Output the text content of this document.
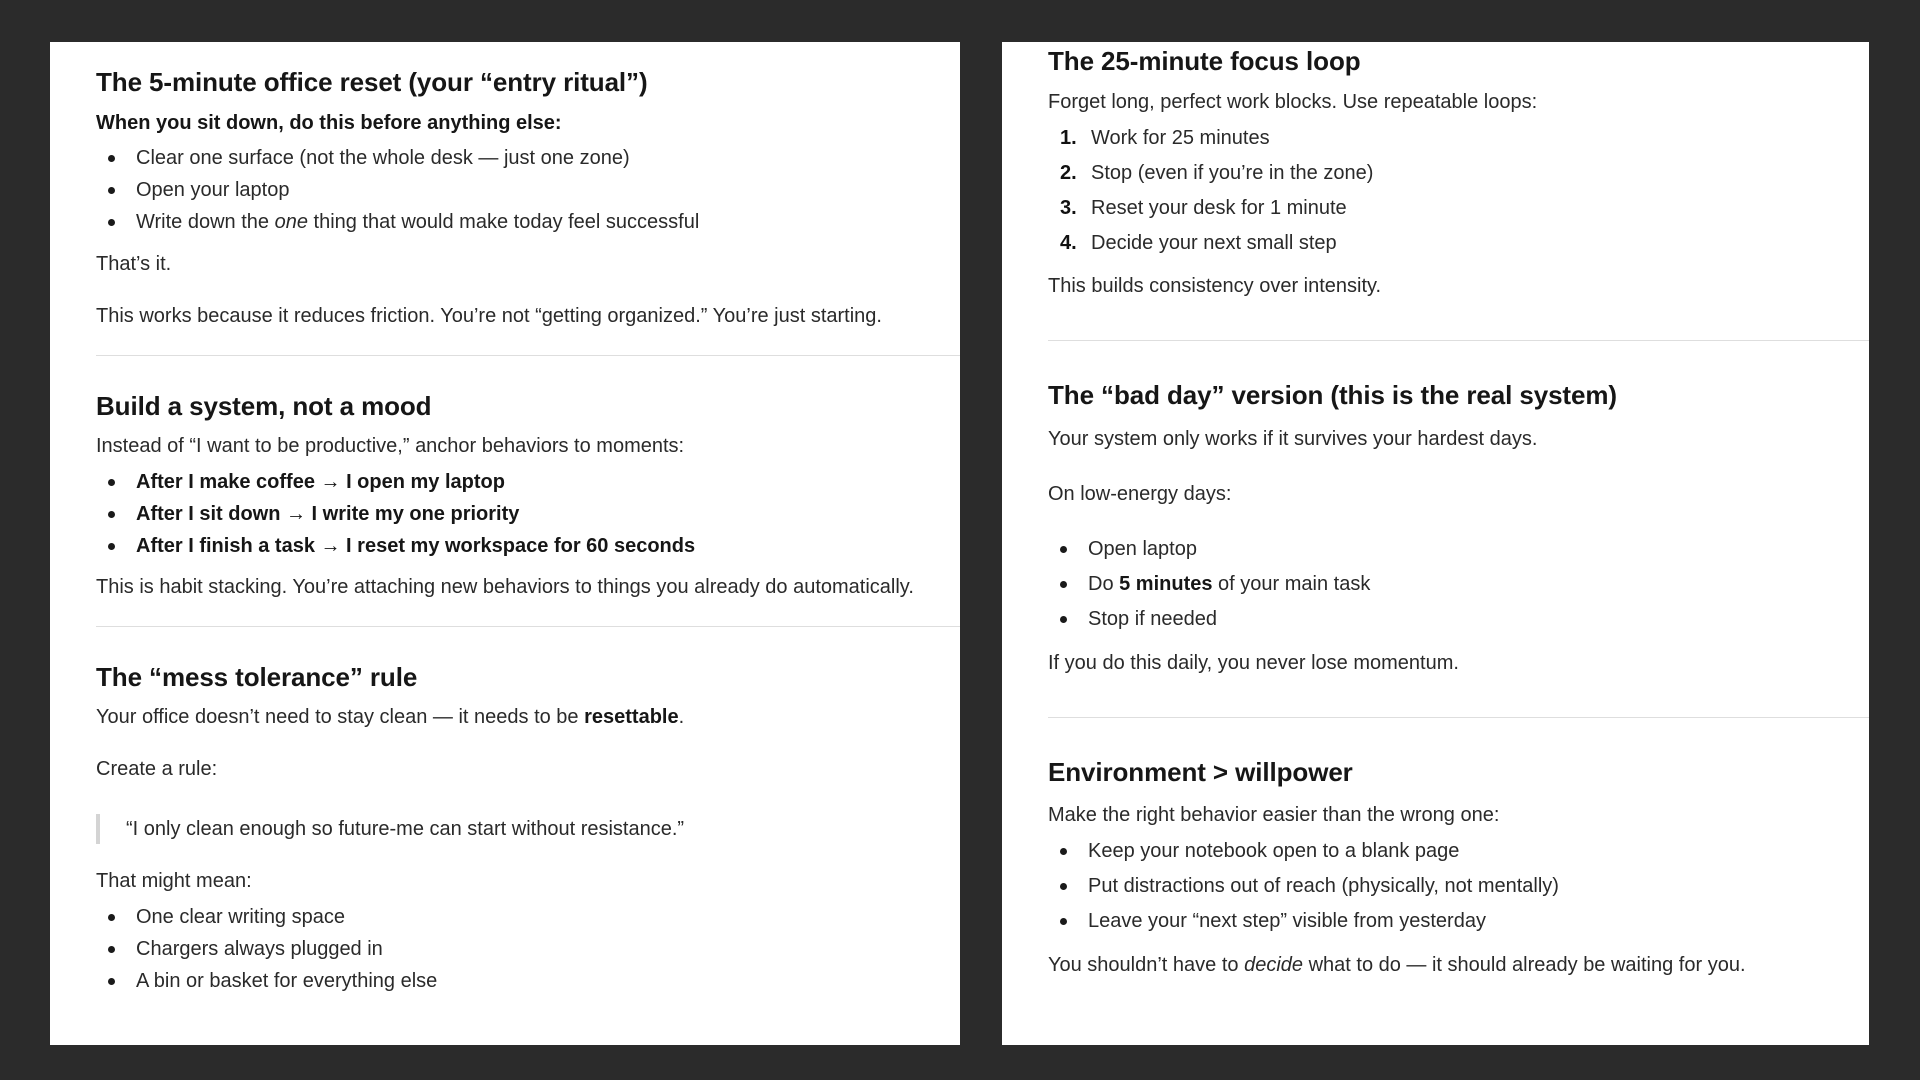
The 5-minute office reset (your “entry ritual”)

When you sit down, do this before anything else:

Clear one surface (not the whole desk — just one zone)
Open your laptop
Write down the one thing that would make today feel successful

That’s it.

This works because it reduces friction. You’re not “getting organized.” You’re just starting.

Build a system, not a mood

Instead of “I want to be productive,” anchor behaviors to moments:

After I make coffee → I open my laptop
After I sit down → I write my one priority
After I finish a task → I reset my workspace for 60 seconds

This is habit stacking. You’re attaching new behaviors to things you already do automatically.

The “mess tolerance” rule

Your office doesn’t need to stay clean — it needs to be resettable.

Create a rule:

“I only clean enough so future-me can start without resistance.”

That might mean:

One clear writing space
Chargers always plugged in
A bin or basket for everything else
The 25-minute focus loop

Forget long, perfect work blocks. Use repeatable loops:

1. Work for 25 minutes
2. Stop (even if you’re in the zone)
3. Reset your desk for 1 minute
4. Decide your next small step

This builds consistency over intensity.

The “bad day” version (this is the real system)

Your system only works if it survives your hardest days.

On low-energy days:

Open laptop
Do 5 minutes of your main task
Stop if needed

If you do this daily, you never lose momentum.

Environment > willpower

Make the right behavior easier than the wrong one:

Keep your notebook open to a blank page
Put distractions out of reach (physically, not mentally)
Leave your “next step” visible from yesterday

You shouldn’t have to decide what to do — it should already be waiting for you.
